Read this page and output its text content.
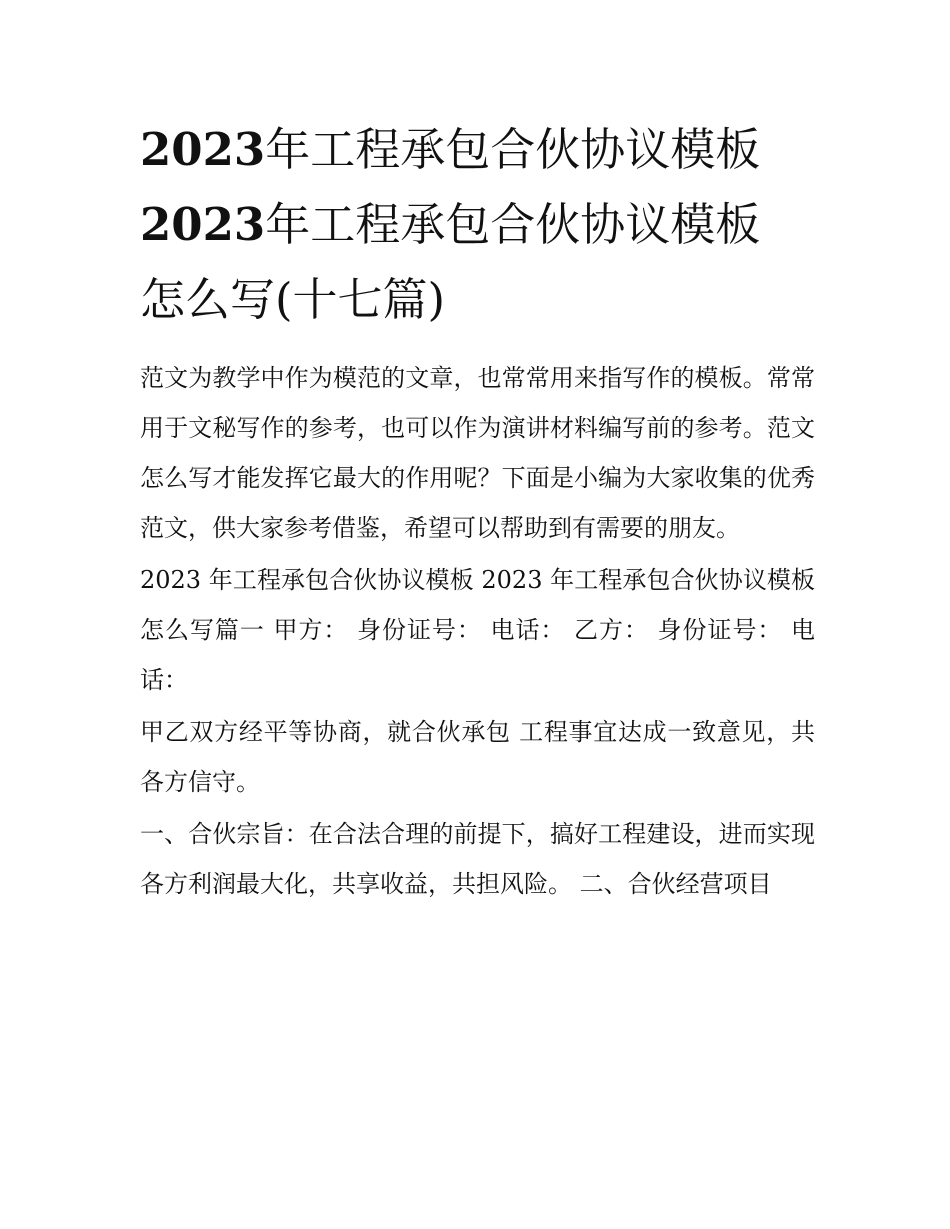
2023年工程承包合伙协议模板
2023年工程承包合伙协议模板
怎么写(十七篇)

范文为教学中作为模范的文章，也常常用来指写作的模板。常常用于文秘写作的参考，也可以作为演讲材料编写前的参考。范文怎么写才能发挥它最大的作用呢？下面是小编为大家收集的优秀范文，供大家参考借鉴，希望可以帮助到有需要的朋友。

2023 年工程承包合伙协议模板 2023 年工程承包合伙协议模板怎么写篇一 甲方： 身份证号： 电话： 乙方： 身份证号： 电话：

甲乙双方经平等协商，就合伙承包 工程事宜达成一致意见，共各方信守。

一、合伙宗旨：在合法合理的前提下，搞好工程建设，进而实现各方利润最大化，共享收益，共担风险。 二、合伙经营项目
